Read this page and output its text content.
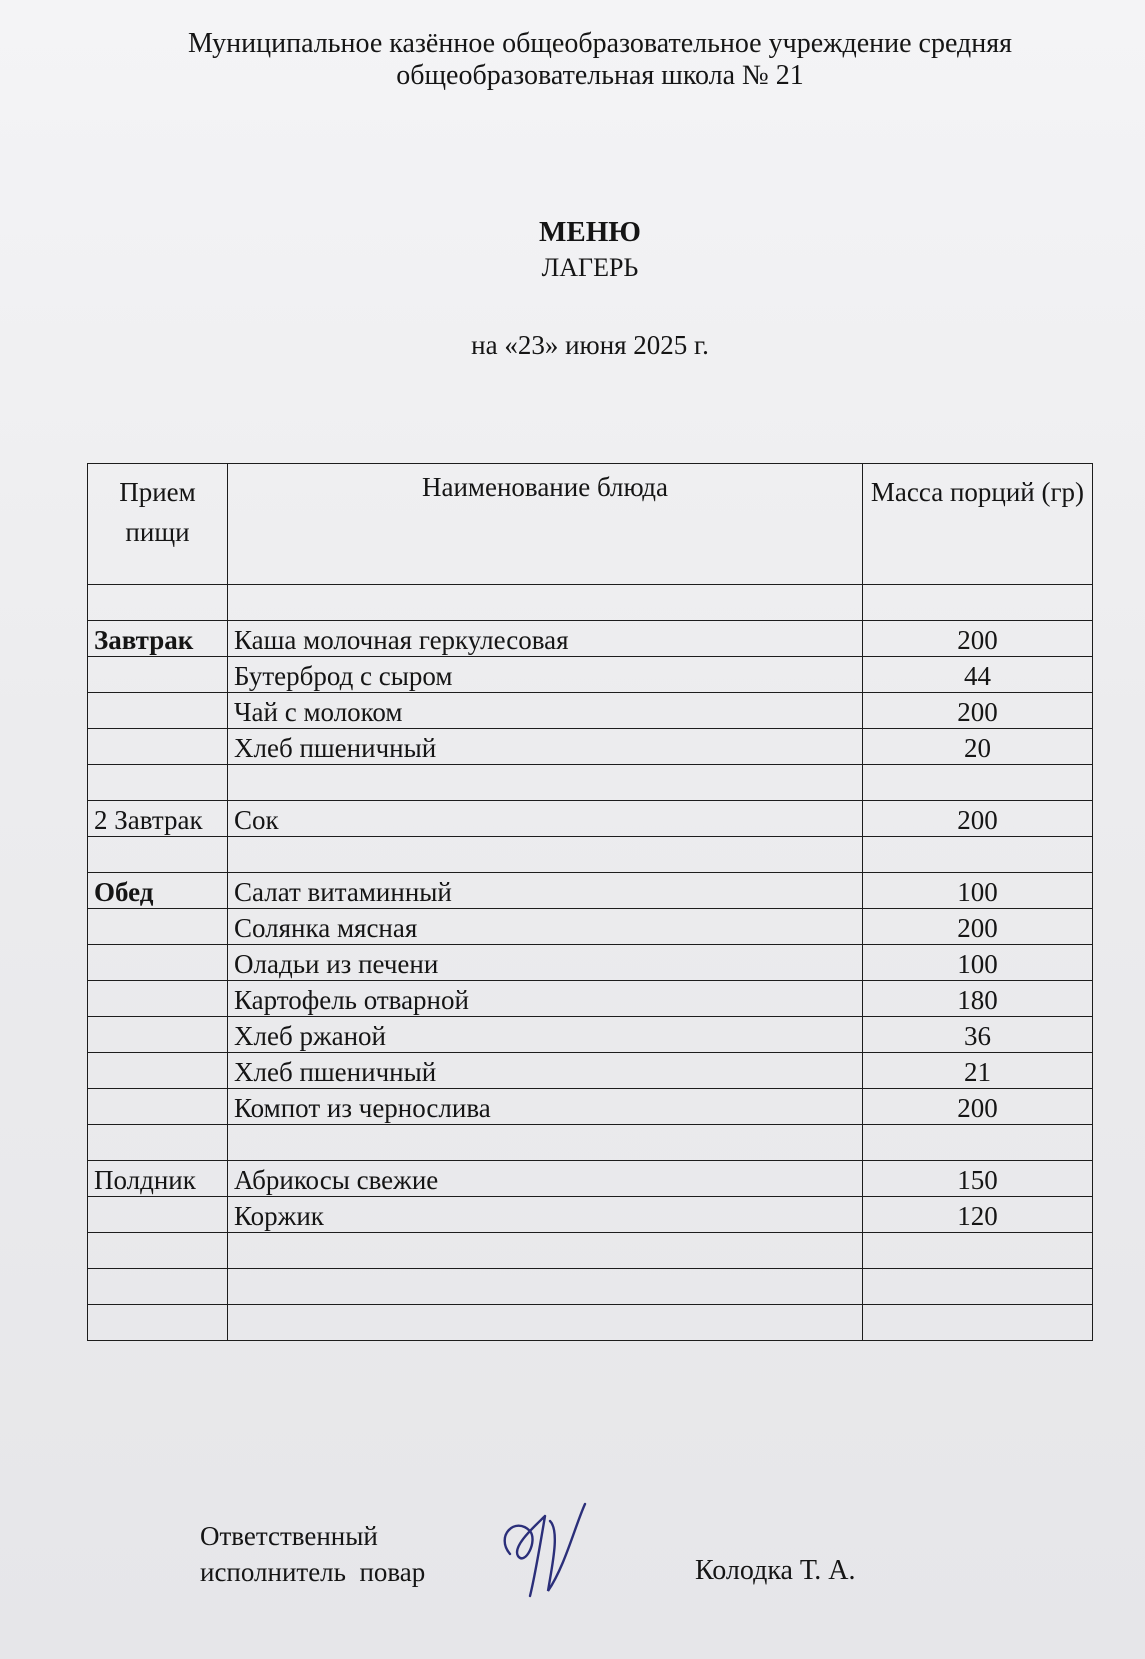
Муниципальное казённое общеобразовательное учреждение средняя
общеобразовательная школа № 21
МЕНЮ
ЛАГЕРЬ
на «23» июня 2025 г.
Прием пищи	Наименование блюда	Масса порций (гр)

Завтрак	Каша молочная геркулесовая	200
	Бутерброд с сыром	44
	Чай с молоком	200
	Хлеб пшеничный	20

2 Завтрак	Сок	200

Обед	Салат витаминный	100
	Солянка мясная	200
	Оладьи из печени	100
	Картофель отварной	180
	Хлеб ржаной	36
	Хлеб пшеничный	21
	Компот из чернослива	200

Полдник	Абрикосы свежие	150
	Коржик	120

Ответственный
исполнитель  повар	Колодка Т. А.
